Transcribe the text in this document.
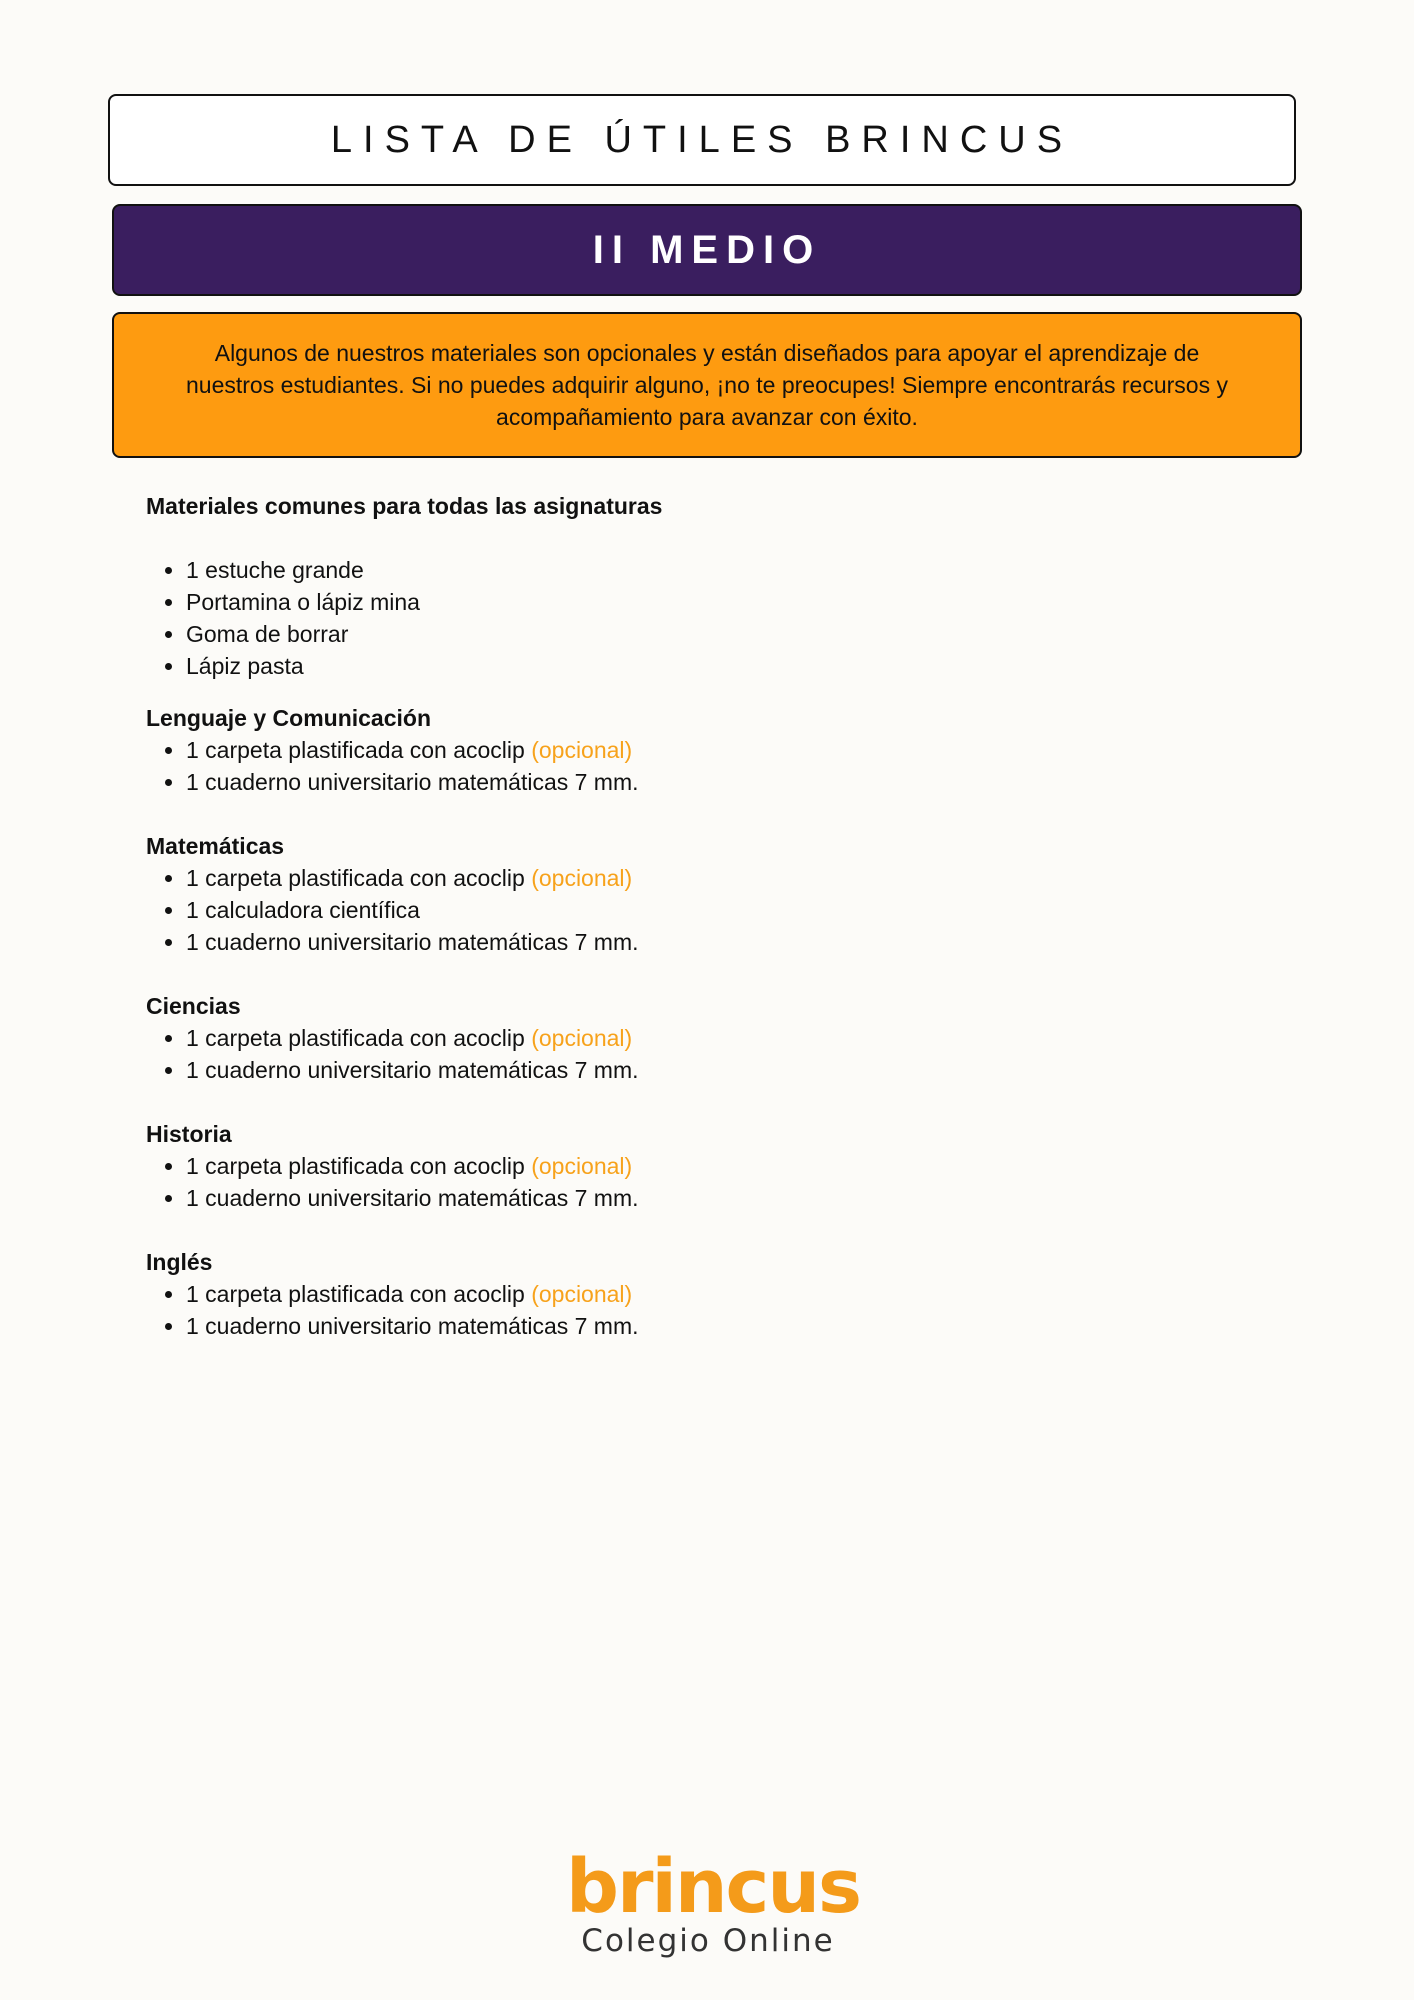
LISTA DE ÚTILES BRINCUS
II MEDIO

Algunos de nuestros materiales son opcionales y están diseñados para apoyar el aprendizaje de nuestros estudiantes. Si no puedes adquirir alguno, ¡no te preocupes! Siempre encontrarás recursos y acompañamiento para avanzar con éxito.

Materiales comunes para todas las asignaturas

• 1 estuche grande
• Portamina o lápiz mina
• Goma de borrar
• Lápiz pasta

Lenguaje y Comunicación

• 1 carpeta plastificada con acoclip (opcional)
• 1 cuaderno universitario matemáticas 7 mm.

Matemáticas

• 1 carpeta plastificada con acoclip (opcional)
• 1 calculadora científica
• 1 cuaderno universitario matemáticas 7 mm.

Ciencias

• 1 carpeta plastificada con acoclip (opcional)
• 1 cuaderno universitario matemáticas 7 mm.

Historia

• 1 carpeta plastificada con acoclip (opcional)
• 1 cuaderno universitario matemáticas 7 mm.

Inglés

• 1 carpeta plastificada con acoclip (opcional)
• 1 cuaderno universitario matemáticas 7 mm.
brincus
Colegio Online
